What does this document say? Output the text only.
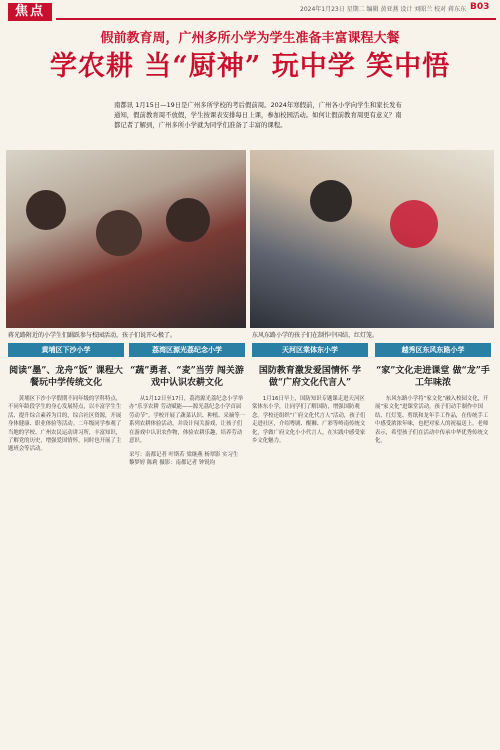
焦点	2024年1月23日 星期二 编辑 黄亚燕 设计 刘昭兰 校对 蒋东东 B03
假前教育周，广州多所小学为学生准备丰富课程大餐
学农耕 当“厨神” 玩中学 笑中悟
南都讯 1月15日—19日是广州多所学校的考后假前周。2024年寒假前，广州各小学向学生和家长发布通知，假前教育周不放假，学生按课表安排每日上课，参加校园活动。如何让假前教育周更有意义？南都记者了解到，广州多所小学就为同学们准备了丰富的课程。
蒋光路附近的小学生们踊跃参与校园活动，孩子们说开心极了。	东风东路小学的孩子们在制作中国结、红灯笼。
黄埔区下沙小学
阅读“墨”、龙舟“饭” 课程大餐玩中学传统文化
黄埔区下沙小学假期不同年级的学科特点，不同年龄段学生的身心发展特点，以丰富学生生活、提升综合素养为目的，综合社区资源，开展身体健康、职业体验等活动。二年级同学参观了当地的学校、广州农民运动讲习所，丰富知识，了解党的历史，增强爱国情怀，同时也开展了主题班会等活动。
荔湾区源光荔纪念小学
“蔬”勇者、“麦”当劳 闯关游戏中认识农耕文化
从1月12日至17日，荔湾源光荔纪念小学举办“乐享农耕 劳动赋能——源光荔纪念小学首届劳动节”。学校开展了蔬菜认识、种植、采摘等一系列农耕体验活动，并设计闯关游戏，让孩子们在游戏中认识农作物，体验农耕乐趣，培养劳动意识。
采写：南都记者 叶斯若 梁继燕 杨翠影 实习生 黎梦婷 陈莉 摄影：南都记者 钟锐钧
天河区棠体东小学
国防教育激发爱国情怀 学做“广府文化代言人”
1月16日早上，国防知识专题课走进天河区棠体东小学，让同学们了解国防，增强国防观念。学校还组织“广府文化代言人”活动，孩子们走进社区，介绍粤剧、醒狮、广彩等岭南传统文化，学做广府文化小小代言人，在实践中感受家乡文化魅力。
越秀区东风东路小学
“家”文化走进课堂 做“龙”手工年味浓
东风东路小学将“家文化”融入校园文化，开展“家文化”进课堂活动。孩子们动手制作中国结、红灯笼、剪纸和龙年手工作品，在传统手工中感受浓浓年味，也把对家人的祝福送上。老师表示，希望孩子们在活动中传承中华优秀传统文化。
